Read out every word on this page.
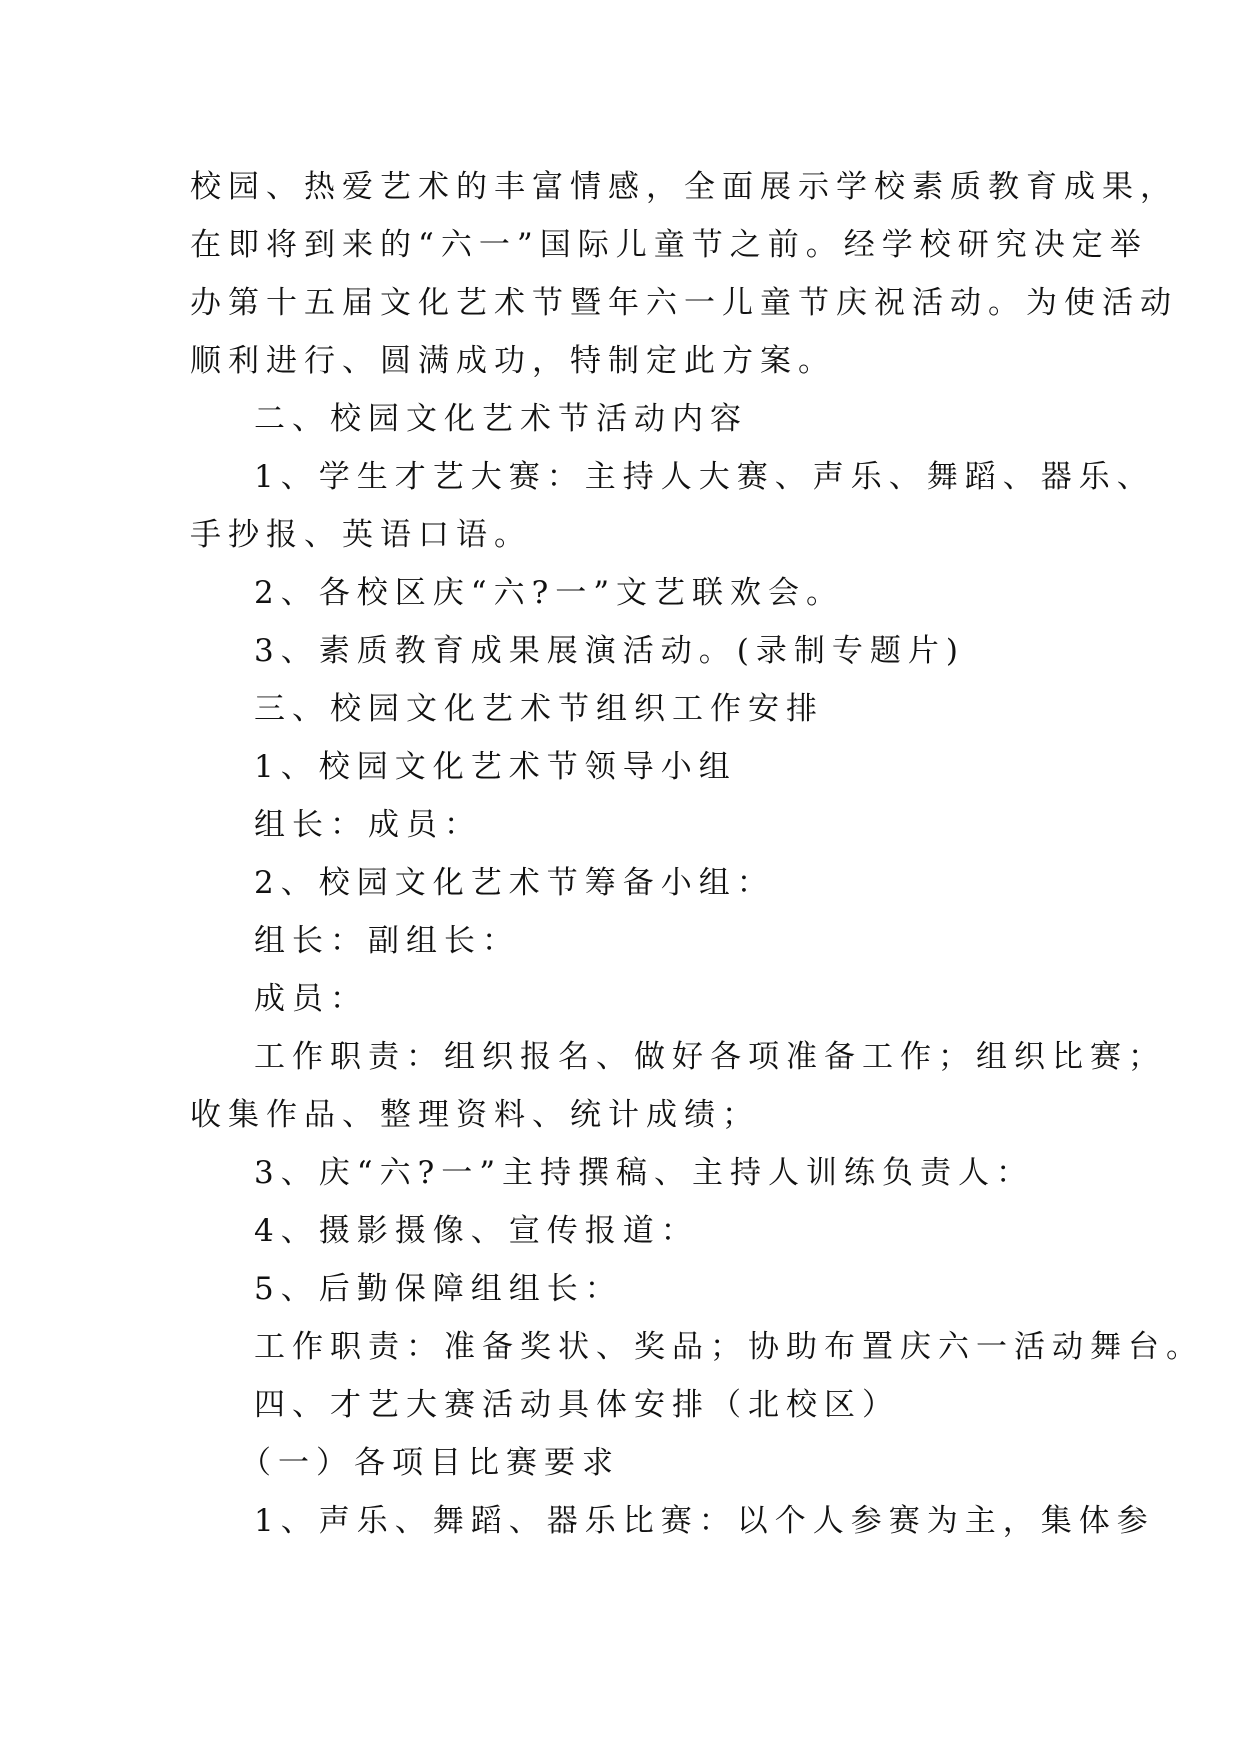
校园、热爱艺术的丰富情感，全面展示学校素质教育成果，
在即将到来的“六一”国际儿童节之前。经学校研究决定举
办第十五届文化艺术节暨年六一儿童节庆祝活动。为使活动
顺利进行、圆满成功，特制定此方案。
二、校园文化艺术节活动内容
1、学生才艺大赛：主持人大赛、声乐、舞蹈、器乐、
手抄报、英语口语。
2、各校区庆“六?一”文艺联欢会。
3、素质教育成果展演活动。(录制专题片)
三、校园文化艺术节组织工作安排
1、校园文化艺术节领导小组
组长：成员：
2、校园文化艺术节筹备小组：
组长：副组长：
成员：
工作职责：组织报名、做好各项准备工作；组织比赛；
收集作品、整理资料、统计成绩；
3、庆“六?一”主持撰稿、主持人训练负责人：
4、摄影摄像、宣传报道：
5、后勤保障组组长：
工作职责：准备奖状、奖品；协助布置庆六一活动舞台。
四、才艺大赛活动具体安排（北校区）
（一）各项目比赛要求
1、声乐、舞蹈、器乐比赛：以个人参赛为主，集体参
